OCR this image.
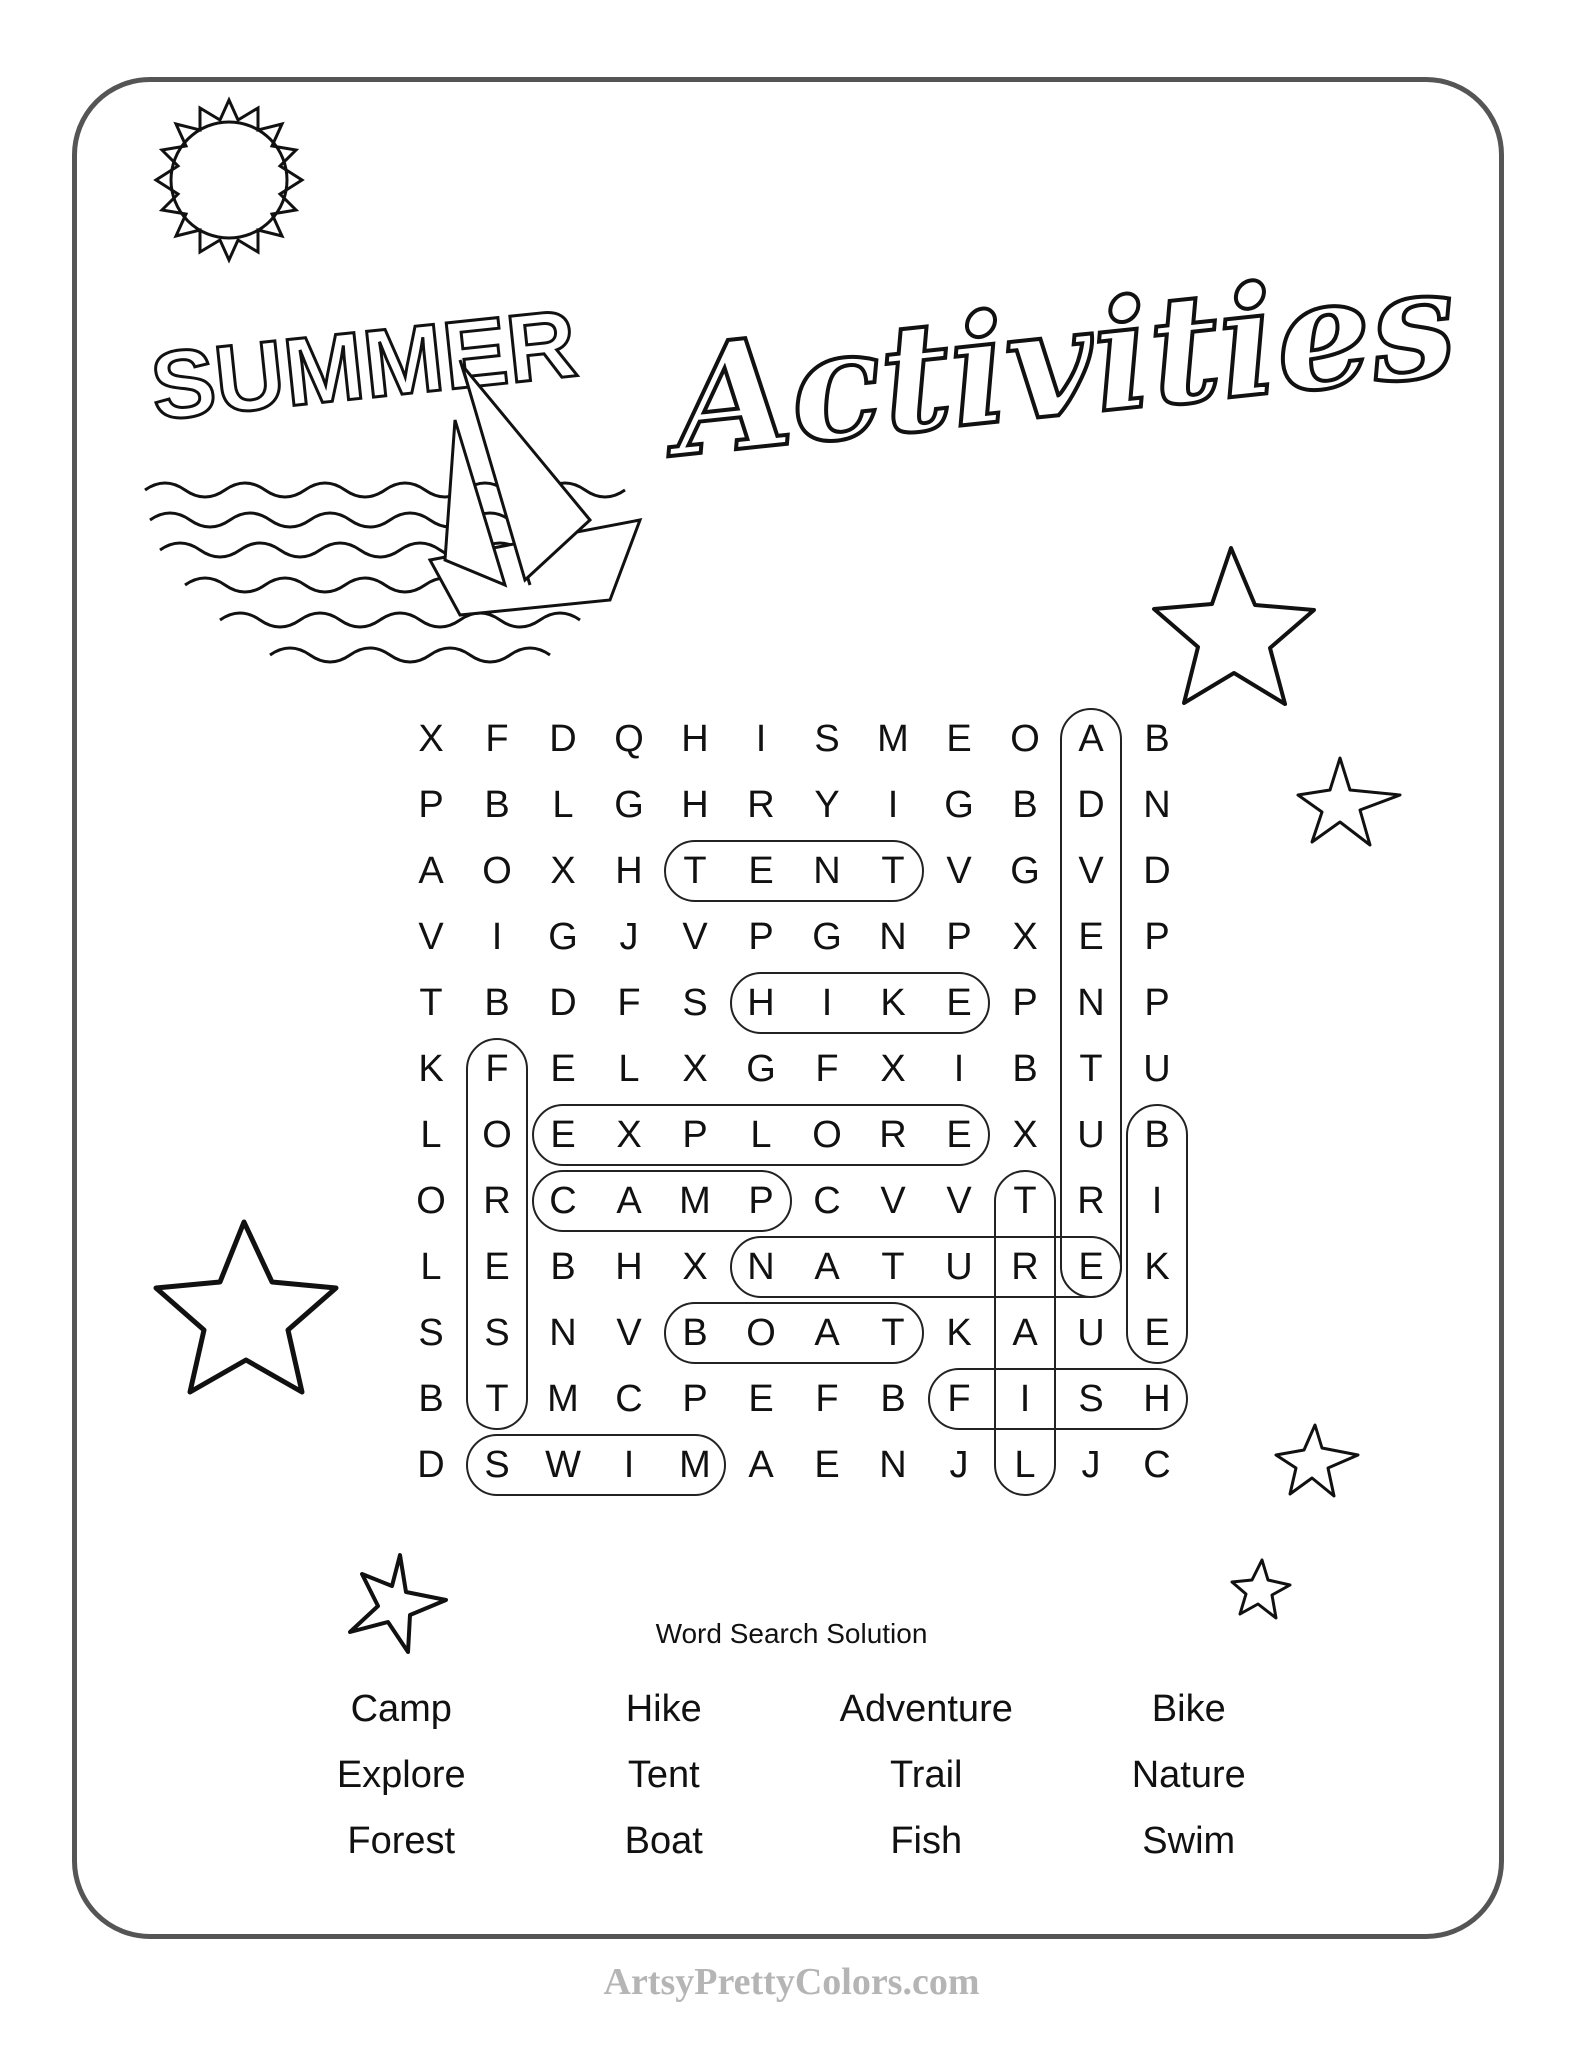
SUMMER Activities
X	F	D Q H	I	S M E	O	A	B
P	B	L	G H	R	Y	I	G	B	D	N
A	O	X	H	T	E	N	T	V	G	V	D
V	I	G	J	V	P	G N	P	X	E	P
T	B	D	F	S	H	I	K	E	P	N	P
K	F	E	L	X	G	F	X	I	B	T	U
L	O	E	X	P	L	O R	E	X	U	B
O R	C	A M P	C	V	V	T	R	I
L	E	B	H	X	N	A	T	U	R	E	K
S	S	N	V	B	O	A	T	K	A	U	E
B	T	M C	P	E	F	B	F	I	S	H
D	S W	I	M A	E	N	J	L	J	C
Word Search Solution
Camp	Hike	Adventure	Bike
Explore	Tent	Trail	Nature
Forest	Boat	Fish	Swim
ArtsyPrettyColors.com
